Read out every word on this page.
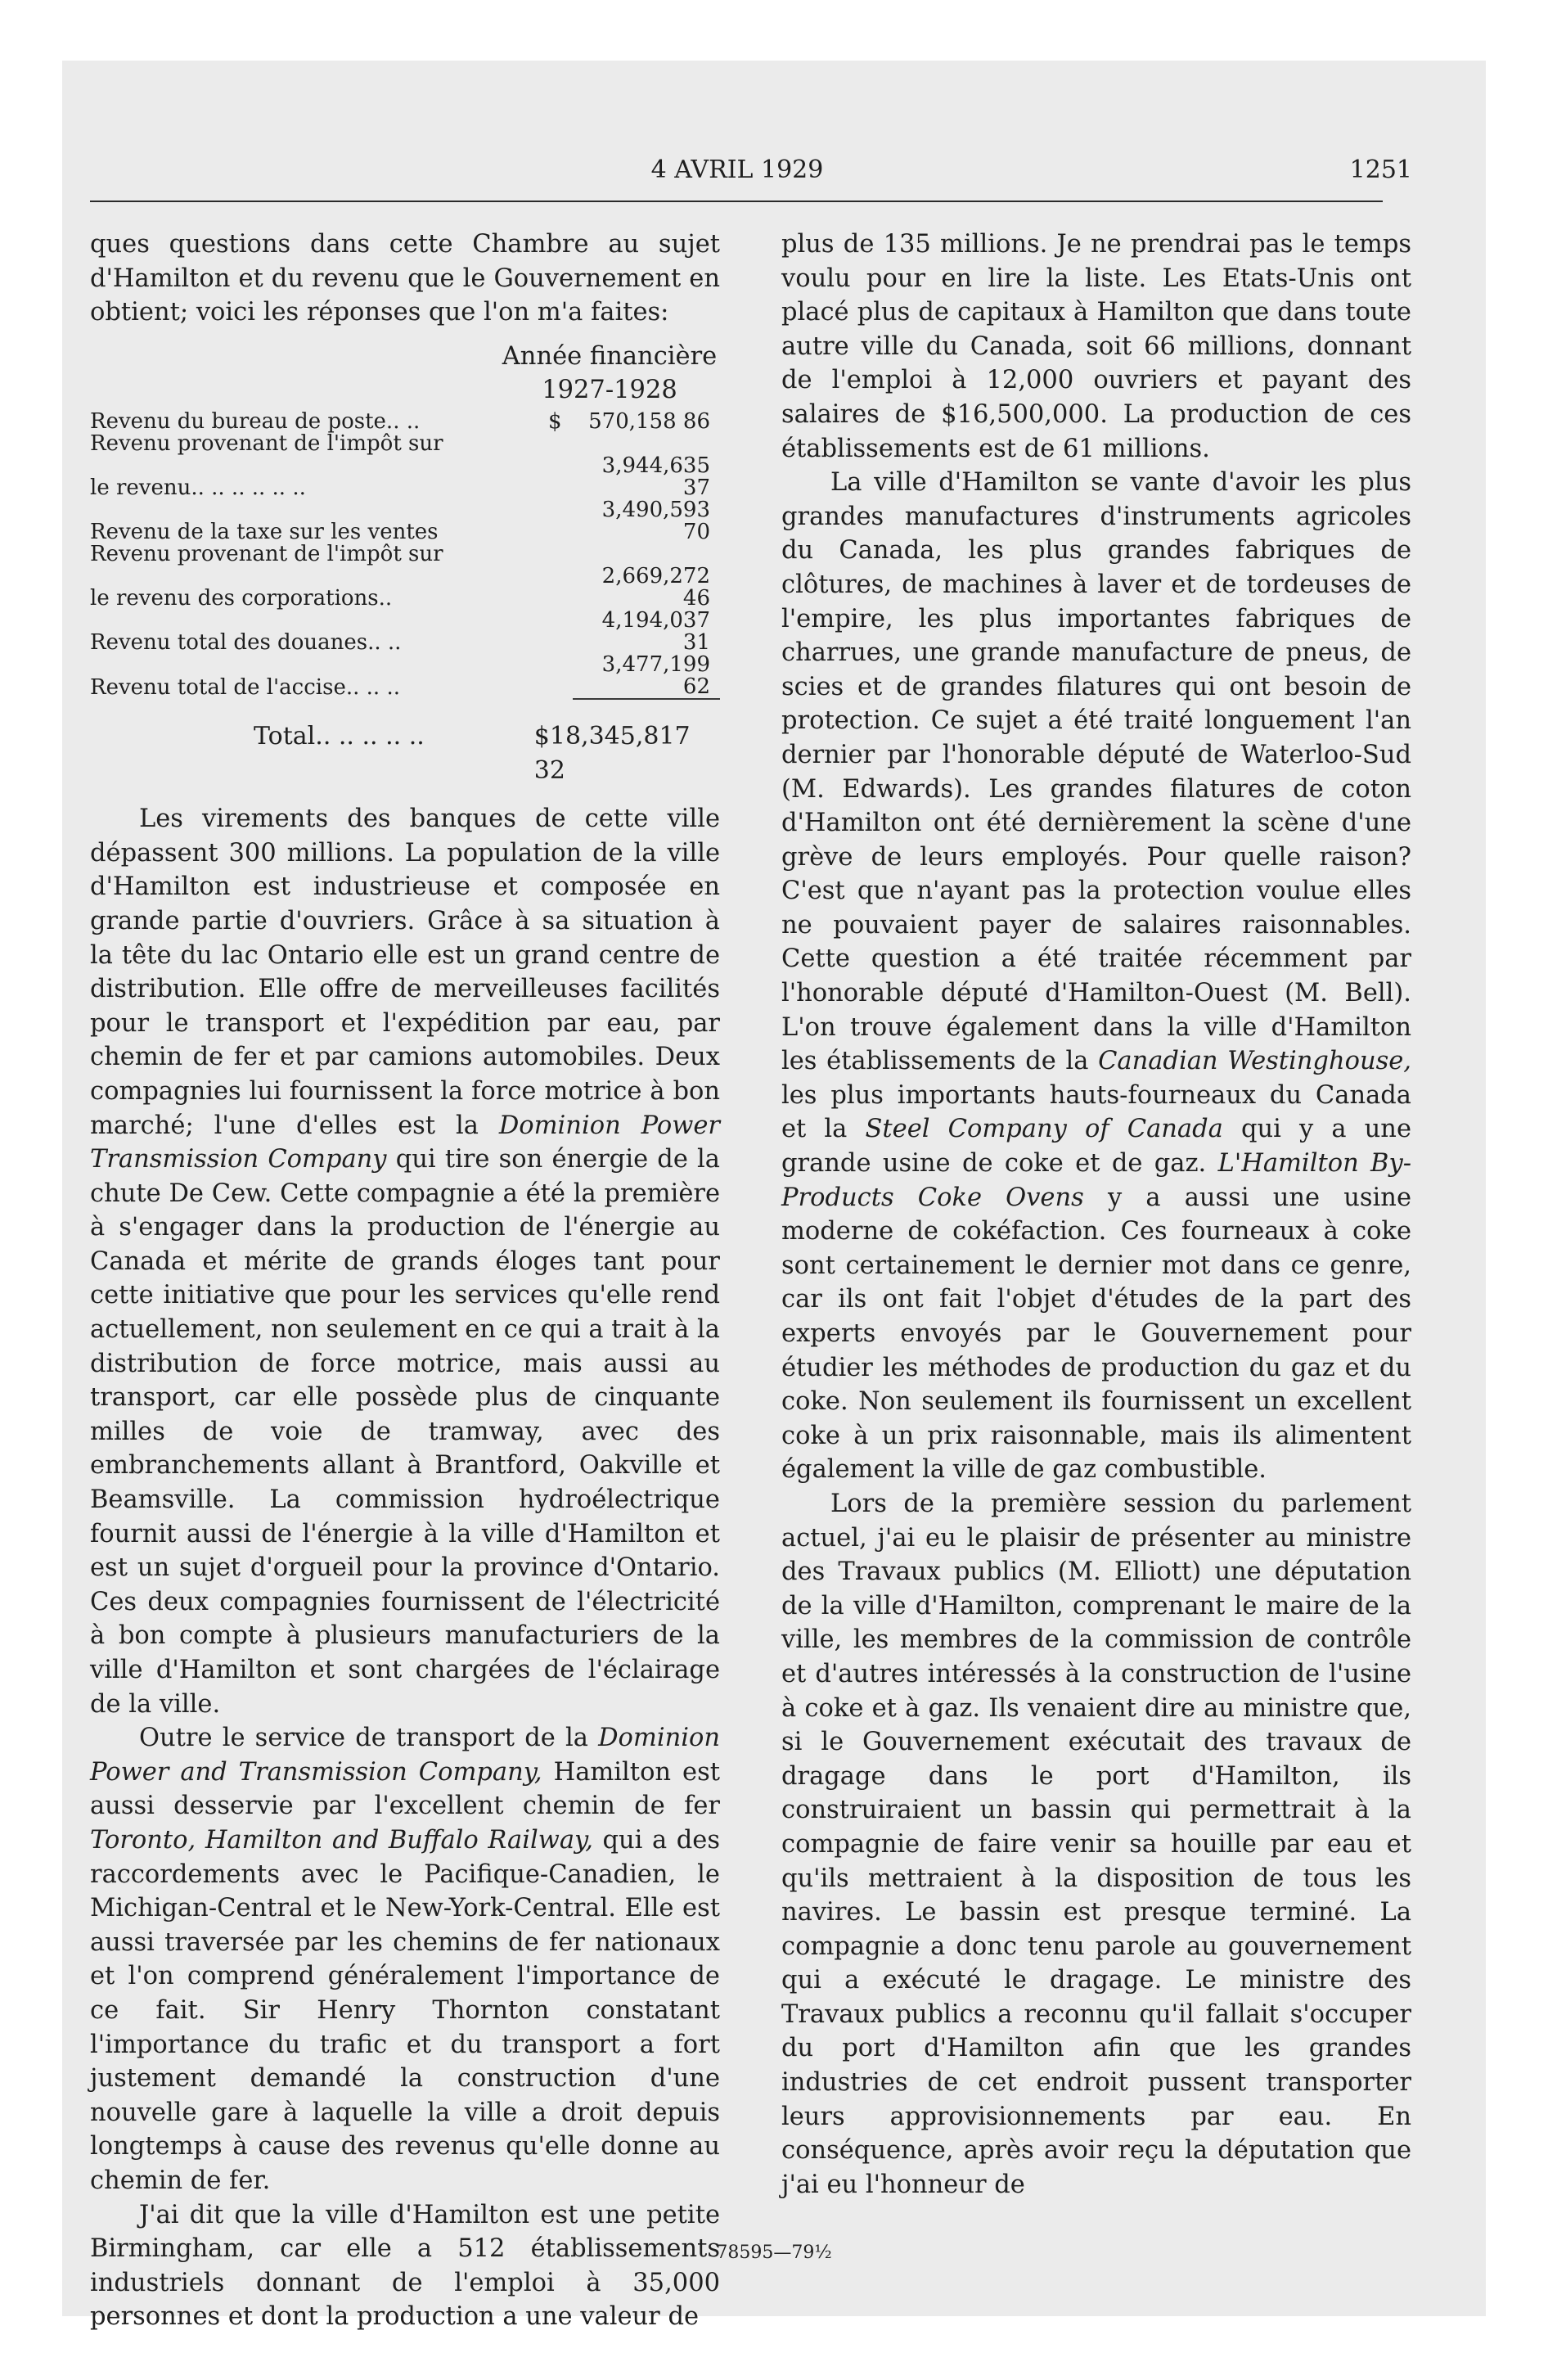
4 AVRIL 1929	1251

ques questions dans cette Chambre au sujet d'Hamilton et du revenu que le Gouvernement en obtient; voici les réponses que l'on m'a faites:

Année financière
1927-1928
Revenu du bureau de poste.. ..	$	570,158 86
Revenu provenant de l'impôt sur		
le revenu.. .. .. .. .. ..		3,944,635 37
Revenu de la taxe sur les ventes		3,490,593 70
Revenu provenant de l'impôt sur		
le revenu des corporations..		2,669,272 46
Revenu total des douanes.. ..		4,194,037 31
Revenu total de l'accise.. .. ..		3,477,199 62
Total.. .. .. .. ..	$18,345,817 32

Les virements des banques de cette ville dépassent 300 millions. La population de la ville d'Hamilton est industrieuse et composée en grande partie d'ouvriers. Grâce à sa situation à la tête du lac Ontario elle est un grand centre de distribution. Elle offre de merveilleuses facilités pour le transport et l'expédition par eau, par chemin de fer et par camions automobiles. Deux compagnies lui fournissent la force motrice à bon marché; l'une d'elles est la Dominion Power Transmission Company qui tire son énergie de la chute De Cew. Cette compagnie a été la première à s'engager dans la production de l'énergie au Canada et mérite de grands éloges tant pour cette initiative que pour les services qu'elle rend actuellement, non seulement en ce qui a trait à la distribution de force motrice, mais aussi au transport, car elle possède plus de cinquante milles de voie de tramway, avec des embranchements allant à Brantford, Oakville et Beamsville. La commission hydroélectrique fournit aussi de l'énergie à la ville d'Hamilton et est un sujet d'orgueil pour la province d'Ontario. Ces deux compagnies fournissent de l'électricité à bon compte à plusieurs manufacturiers de la ville d'Hamilton et sont chargées de l'éclairage de la ville.

Outre le service de transport de la Dominion Power and Transmission Company, Hamilton est aussi desservie par l'excellent chemin de fer Toronto, Hamilton and Buffalo Railway, qui a des raccordements avec le Pacifique-Canadien, le Michigan-Central et le New-York-Central. Elle est aussi traversée par les chemins de fer nationaux et l'on comprend généralement l'importance de ce fait. Sir Henry Thornton constatant l'importance du trafic et du transport a fort justement demandé la construction d'une nouvelle gare à laquelle la ville a droit depuis longtemps à cause des revenus qu'elle donne au chemin de fer.

J'ai dit que la ville d'Hamilton est une petite Birmingham, car elle a 512 établissements industriels donnant de l'emploi à 35,000 personnes et dont la production a une valeur de

plus de 135 millions. Je ne prendrai pas le temps voulu pour en lire la liste. Les Etats-Unis ont placé plus de capitaux à Hamilton que dans toute autre ville du Canada, soit 66 millions, donnant de l'emploi à 12,000 ouvriers et payant des salaires de $16,500,000. La production de ces établissements est de 61 millions.

La ville d'Hamilton se vante d'avoir les plus grandes manufactures d'instruments agricoles du Canada, les plus grandes fabriques de clôtures, de machines à laver et de tordeuses de l'empire, les plus importantes fabriques de charrues, une grande manufacture de pneus, de scies et de grandes filatures qui ont besoin de protection. Ce sujet a été traité longuement l'an dernier par l'honorable député de Waterloo-Sud (M. Edwards). Les grandes filatures de coton d'Hamilton ont été dernièrement la scène d'une grève de leurs employés. Pour quelle raison? C'est que n'ayant pas la protection voulue elles ne pouvaient payer de salaires raisonnables. Cette question a été traitée récemment par l'honorable député d'Hamilton-Ouest (M. Bell). L'on trouve également dans la ville d'Hamilton les établissements de la Canadian Westinghouse, les plus importants hauts-fourneaux du Canada et la Steel Company of Canada qui y a une grande usine de coke et de gaz. L'Hamilton By-Products Coke Ovens y a aussi une usine moderne de cokéfaction. Ces fourneaux à coke sont certainement le dernier mot dans ce genre, car ils ont fait l'objet d'études de la part des experts envoyés par le Gouvernement pour étudier les méthodes de production du gaz et du coke. Non seulement ils fournissent un excellent coke à un prix raisonnable, mais ils alimentent également la ville de gaz combustible.

Lors de la première session du parlement actuel, j'ai eu le plaisir de présenter au ministre des Travaux publics (M. Elliott) une députation de la ville d'Hamilton, comprenant le maire de la ville, les membres de la commission de contrôle et d'autres intéressés à la construction de l'usine à coke et à gaz. Ils venaient dire au ministre que, si le Gouvernement exécutait des travaux de dragage dans le port d'Hamilton, ils construiraient un bassin qui permettrait à la compagnie de faire venir sa houille par eau et qu'ils mettraient à la disposition de tous les navires. Le bassin est presque terminé. La compagnie a donc tenu parole au gouvernement qui a exécuté le dragage. Le ministre des Travaux publics a reconnu qu'il fallait s'occuper du port d'Hamilton afin que les grandes industries de cet endroit pussent transporter leurs approvisionnements par eau. En conséquence, après avoir reçu la députation que j'ai eu l'honneur de

78595—79½
